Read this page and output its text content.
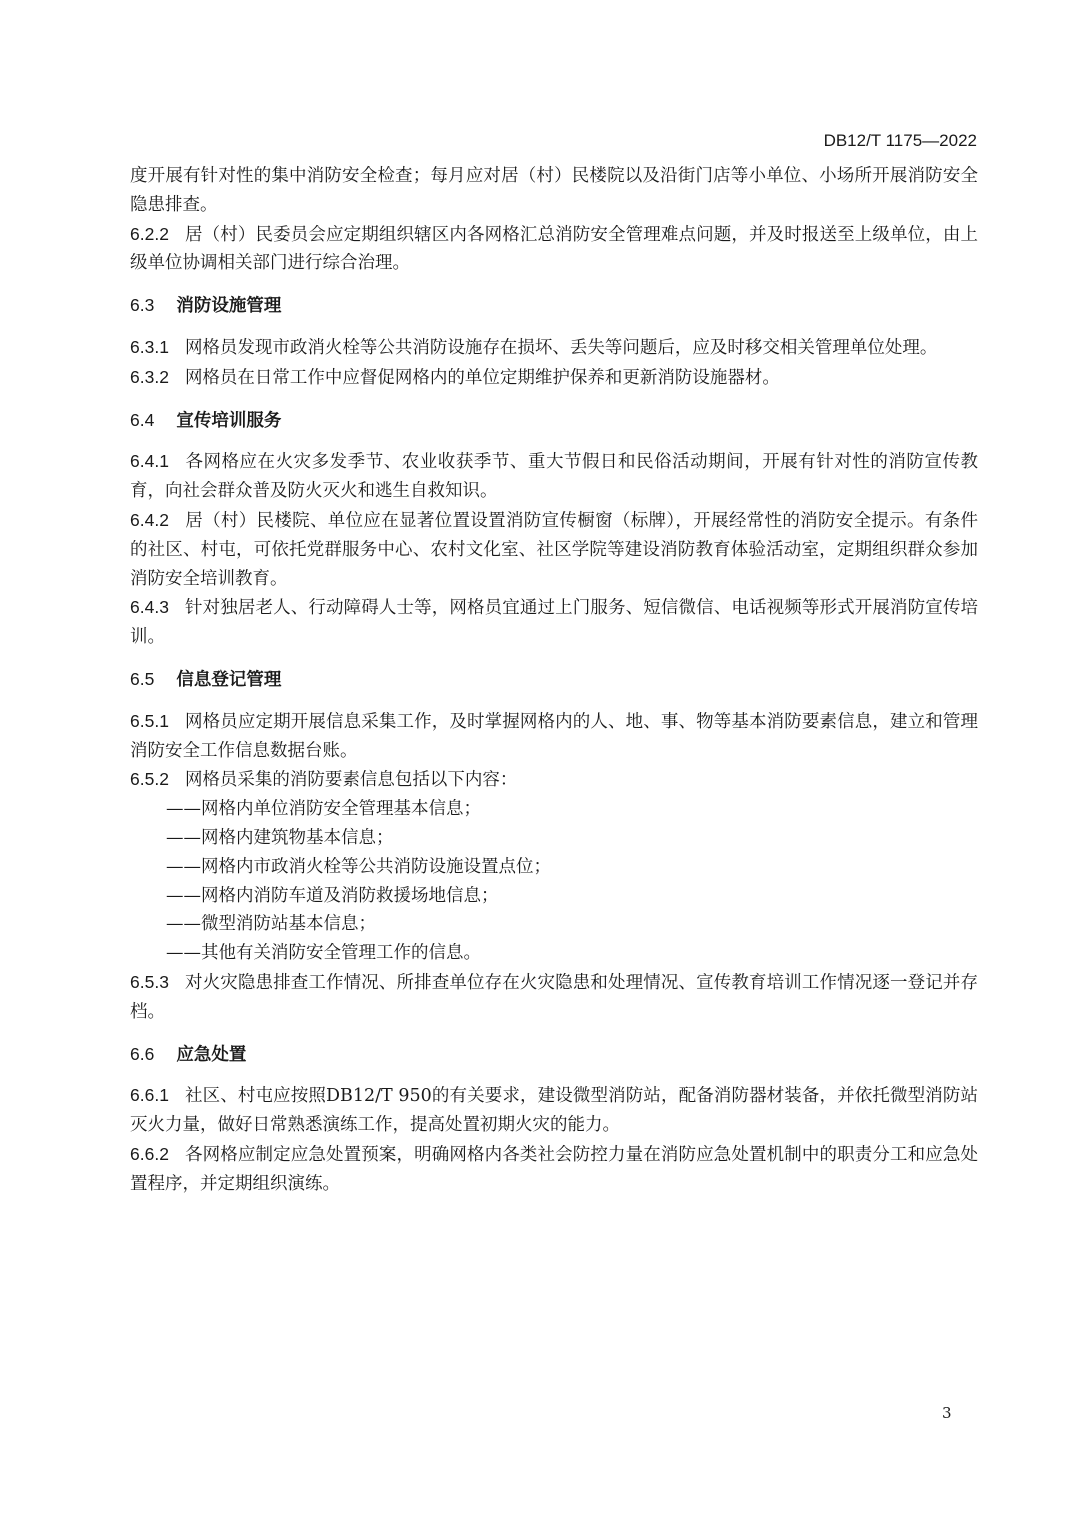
DB12/T 1175—2022

度开展有针对性的集中消防安全检查；每月应对居（村）民楼院以及沿街门店等小单位、小场所开展消防安全隐患排查。

6.2.2 居（村）民委员会应定期组织辖区内各网格汇总消防安全管理难点问题，并及时报送至上级单位，由上级单位协调相关部门进行综合治理。

6.3 消防设施管理

6.3.1 网格员发现市政消火栓等公共消防设施存在损坏、丢失等问题后，应及时移交相关管理单位处理。

6.3.2 网格员在日常工作中应督促网格内的单位定期维护保养和更新消防设施器材。

6.4 宣传培训服务

6.4.1 各网格应在火灾多发季节、农业收获季节、重大节假日和民俗活动期间，开展有针对性的消防宣传教育，向社会群众普及防火灭火和逃生自救知识。

6.4.2 居（村）民楼院、单位应在显著位置设置消防宣传橱窗（标牌），开展经常性的消防安全提示。有条件的社区、村屯，可依托党群服务中心、农村文化室、社区学院等建设消防教育体验活动室，定期组织群众参加消防安全培训教育。

6.4.3 针对独居老人、行动障碍人士等，网格员宜通过上门服务、短信微信、电话视频等形式开展消防宣传培训。

6.5 信息登记管理

6.5.1 网格员应定期开展信息采集工作，及时掌握网格内的人、地、事、物等基本消防要素信息，建立和管理消防安全工作信息数据台账。

6.5.2 网格员采集的消防要素信息包括以下内容：

——网格内单位消防安全管理基本信息；

——网格内建筑物基本信息；

——网格内市政消火栓等公共消防设施设置点位；

——网格内消防车道及消防救援场地信息；

——微型消防站基本信息；

——其他有关消防安全管理工作的信息。

6.5.3 对火灾隐患排查工作情况、所排查单位存在火灾隐患和处理情况、宣传教育培训工作情况逐一登记并存档。

6.6 应急处置

6.6.1 社区、村屯应按照DB12/T 950的有关要求，建设微型消防站，配备消防器材装备，并依托微型消防站灭火力量，做好日常熟悉演练工作，提高处置初期火灾的能力。

6.6.2 各网格应制定应急处置预案，明确网格内各类社会防控力量在消防应急处置机制中的职责分工和应急处置程序，并定期组织演练。

3
